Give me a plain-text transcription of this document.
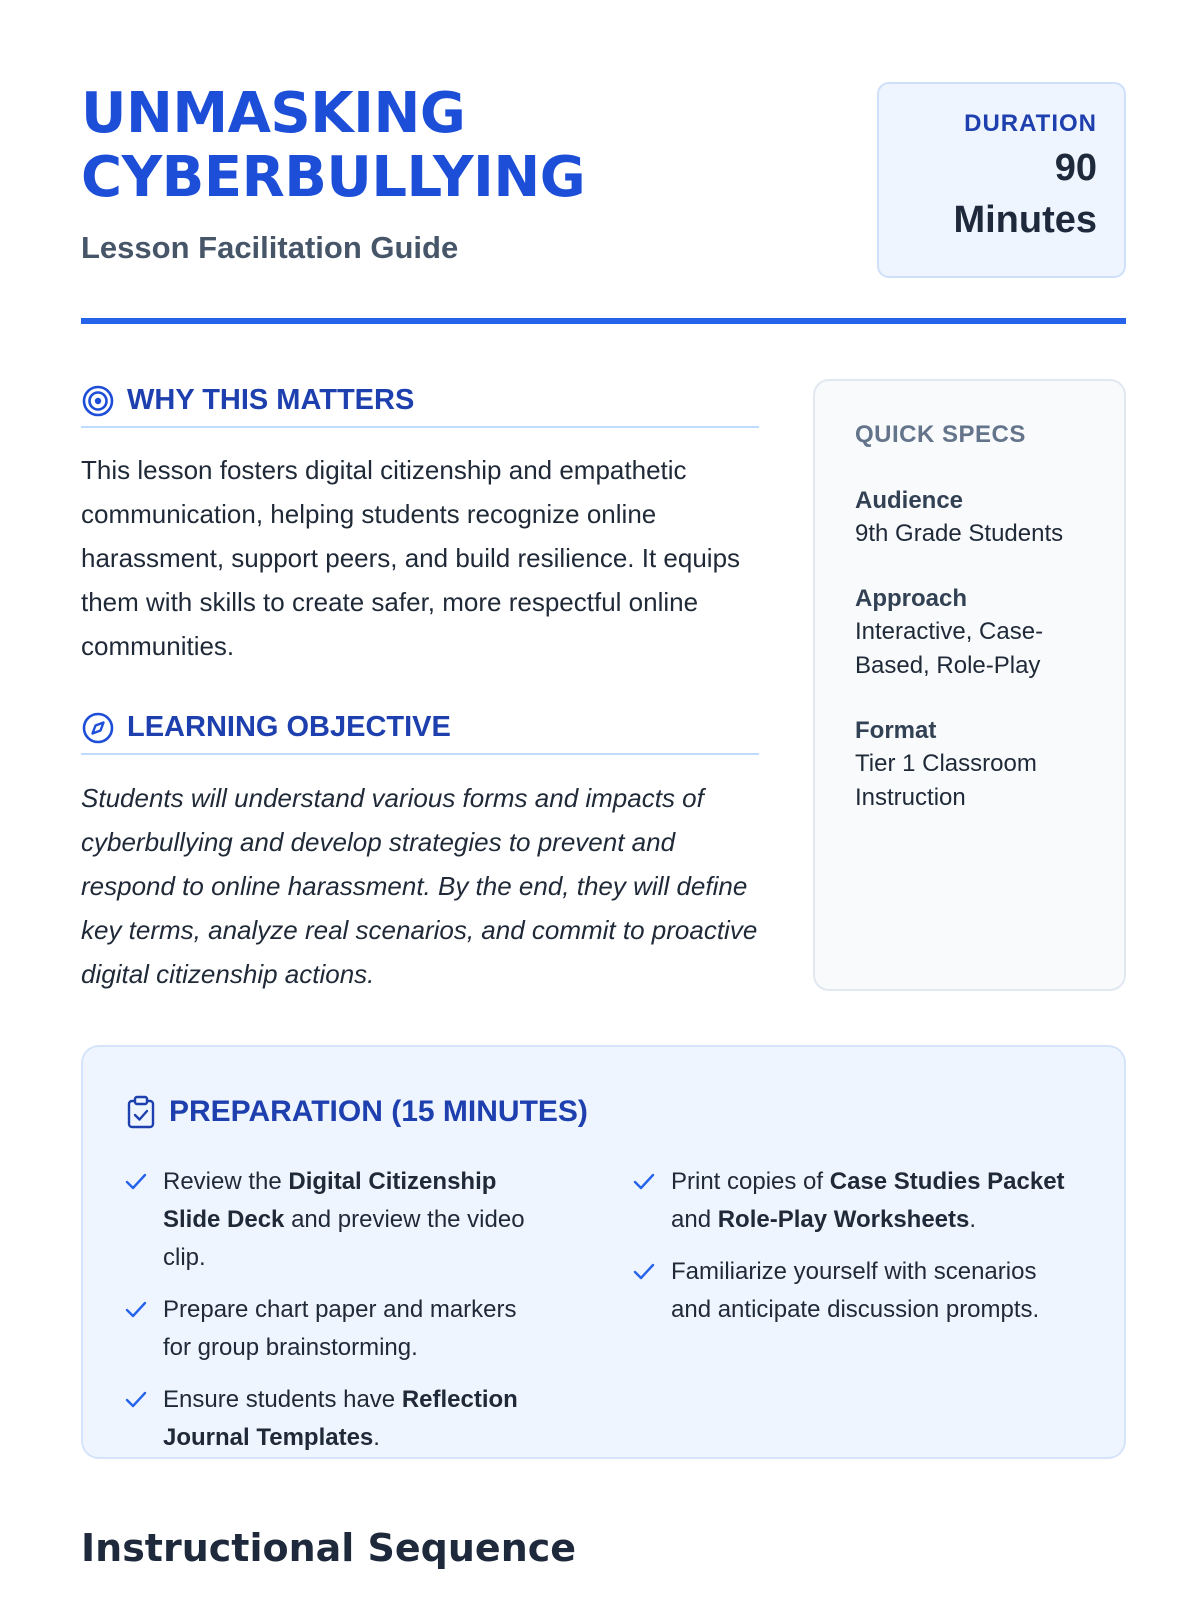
UNMASKING
CYBERBULLYING
Lesson Facilitation Guide
DURATION
90
Minutes
WHY THIS MATTERS

This lesson fosters digital citizenship and empathetic communication, helping students recognize online harassment, support peers, and build resilience. It equips them with skills to create safer, more respectful online communities.

LEARNING OBJECTIVE

Students will understand various forms and impacts of cyberbullying and develop strategies to prevent and respond to online harassment. By the end, they will define key terms, analyze real scenarios, and commit to proactive digital citizenship actions.

QUICK SPECS
Audience
9th Grade Students
Approach
Interactive, Case-Based, Role-Play
Format
Tier 1 Classroom Instruction
PREPARATION (15 MINUTES)
Review the Digital Citizenship Slide Deck and preview the video clip.
Prepare chart paper and markers for group brainstorming.
Ensure students have Reflection Journal Templates.
Print copies of Case Studies Packet and Role-Play Worksheets.
Familiarize yourself with scenarios and anticipate discussion prompts.
Instructional Sequence
